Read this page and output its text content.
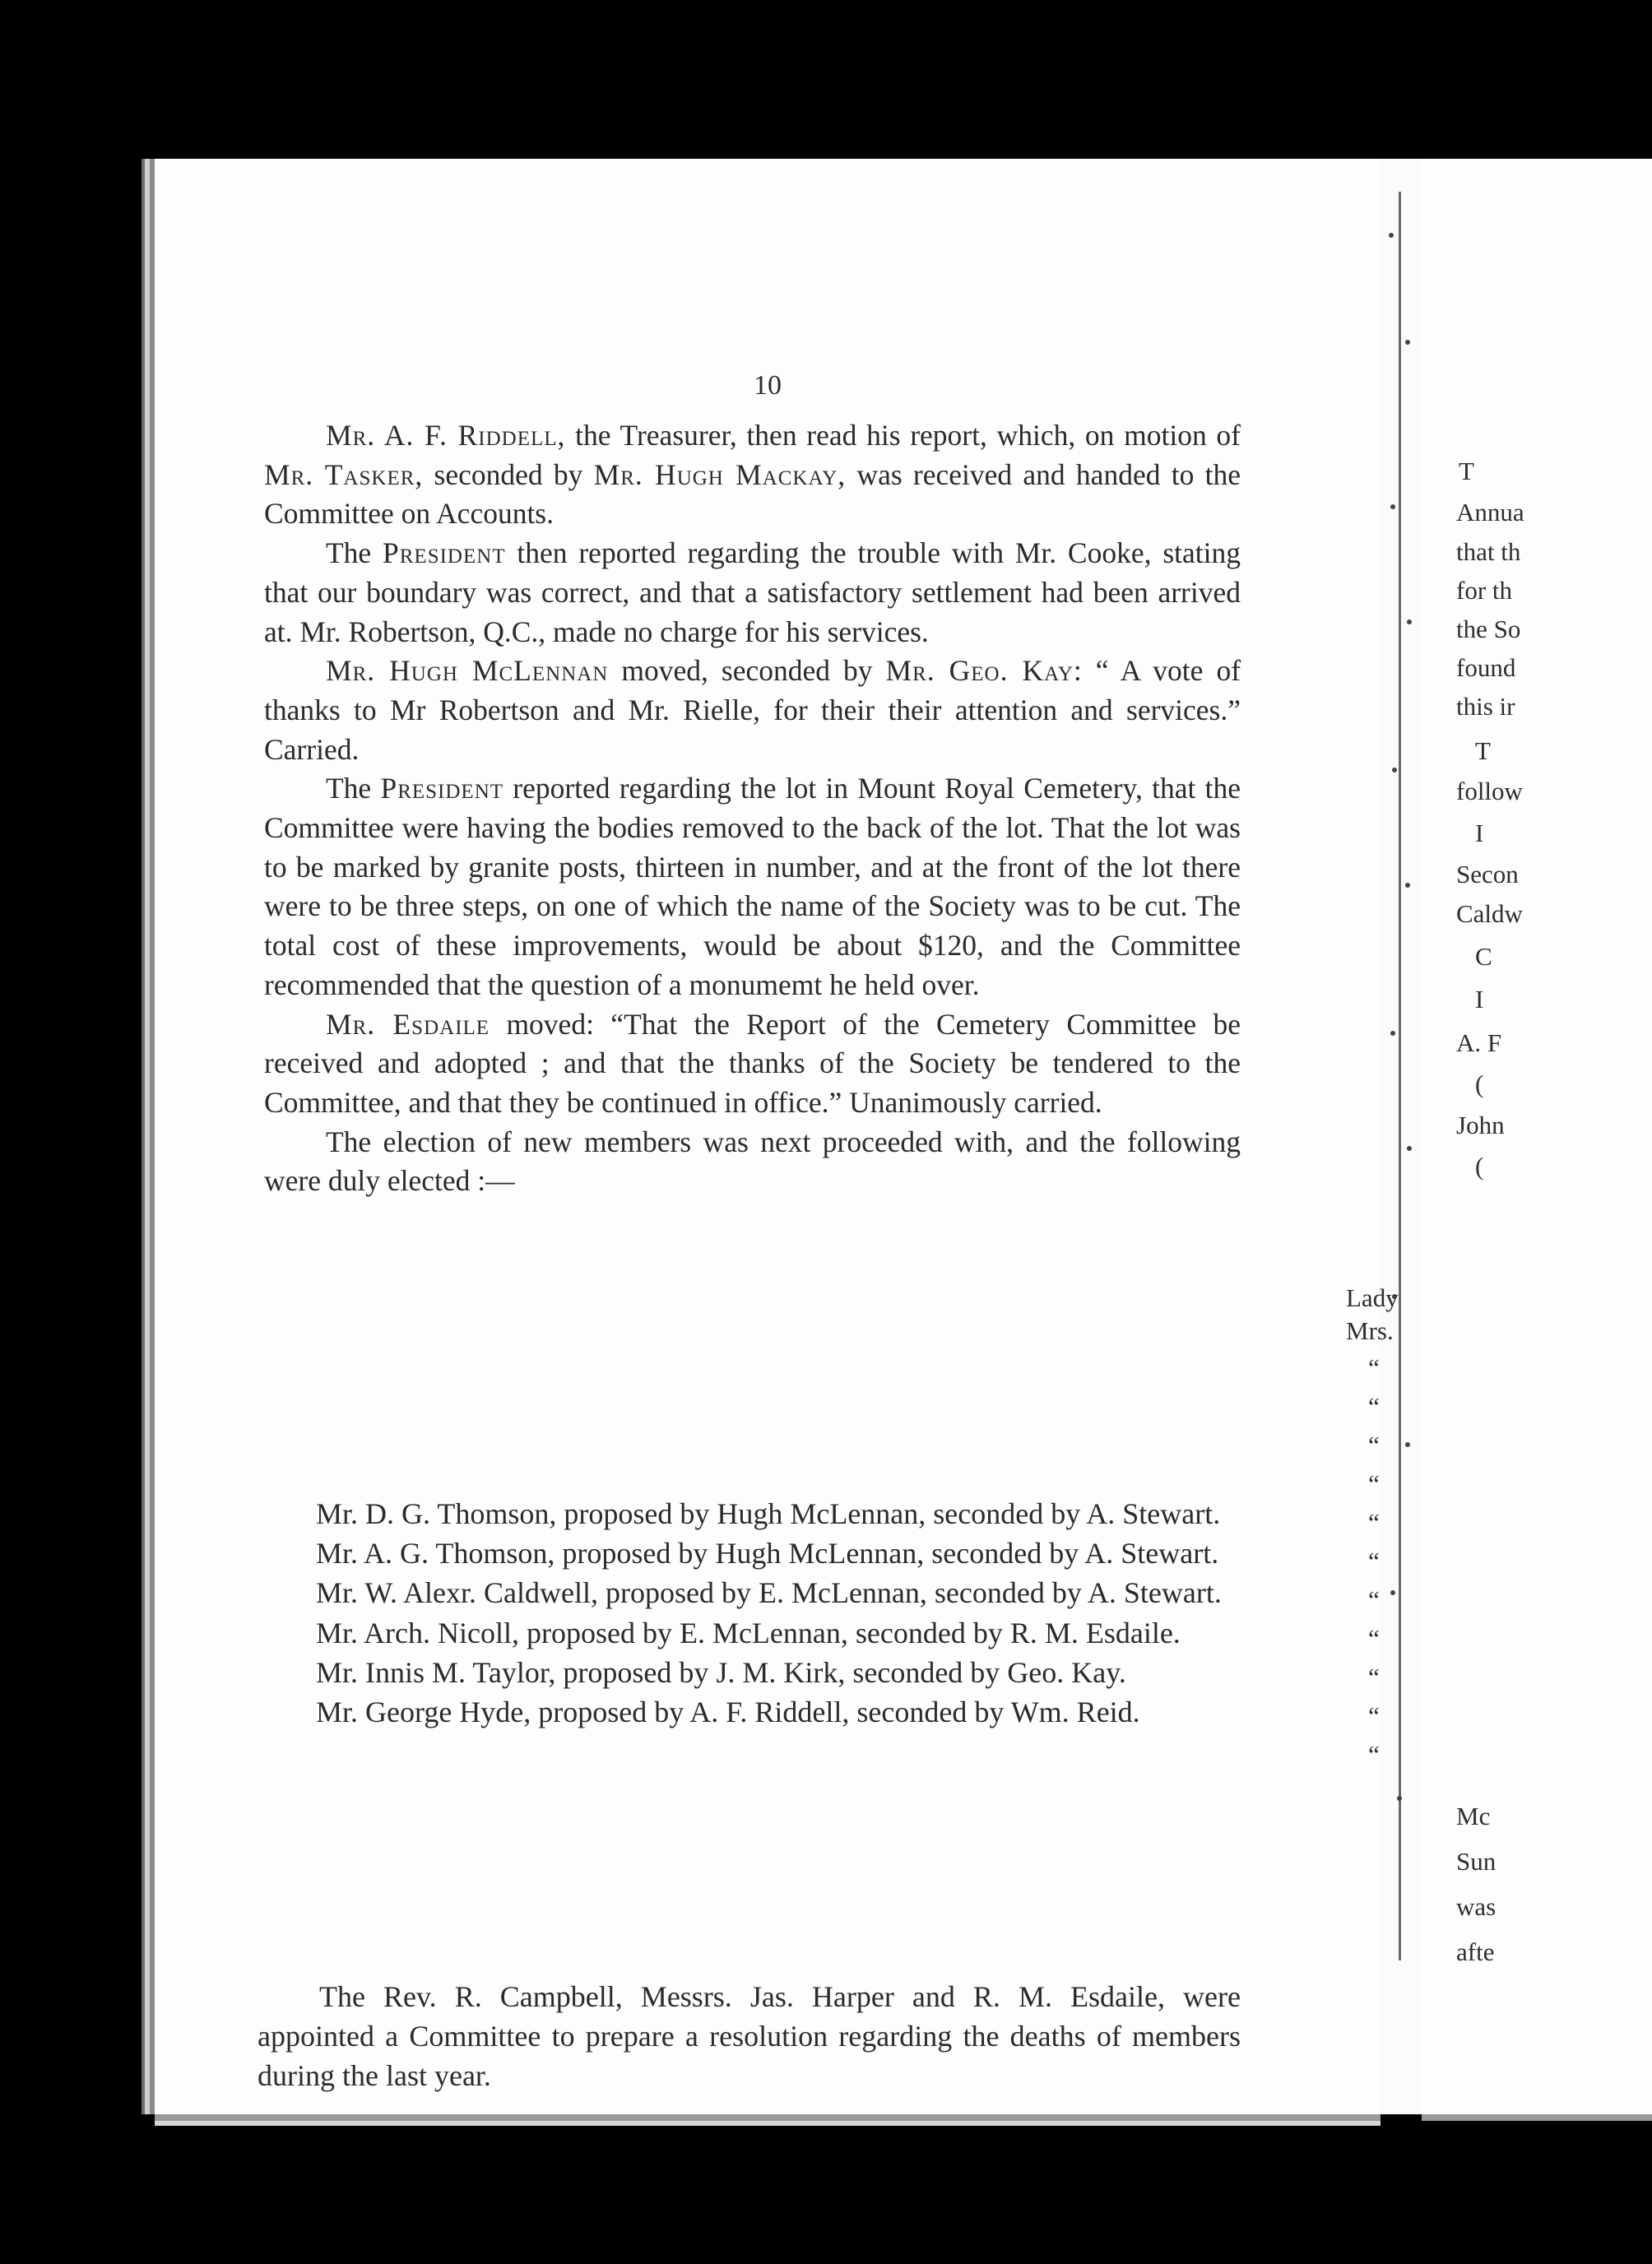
10

Mr. A. F. Riddell, the Treasurer, then read his report, which, on motion of Mr. Tasker, seconded by Mr. Hugh Mackay, was received and handed to the Committee on Accounts.

The President then reported regarding the trouble with Mr. Cooke, stating that our boundary was correct, and that a satisfactory settlement had been arrived at. Mr. Robertson, Q.C., made no charge for his services.

Mr. Hugh McLennan moved, seconded by Mr. Geo. Kay: “ A vote of thanks to Mr Robertson and Mr. Rielle, for their their attention and services.” Carried.

The President reported regarding the lot in Mount Royal Cemetery, that the Committee were having the bodies removed to the back of the lot. That the lot was to be marked by granite posts, thirteen in number, and at the front of the lot there were to be three steps, on one of which the name of the Society was to be cut. The total cost of these improvements, would be about $120, and the Committee recommended that the question of a monumemt he held over.

Mr. Esdaile moved: “That the Report of the Cemetery Committee be received and adopted ; and that the thanks of the Society be tendered to the Committee, and that they be continued in office.” Unanimously carried.

The election of new members was next proceeded with, and the following were duly elected :—

Mr. D. G. Thomson, proposed by Hugh McLennan, seconded by A. Stewart.

Mr. A. G. Thomson, proposed by Hugh McLennan, seconded by A. Stewart.

Mr. W. Alexr. Caldwell, proposed by E. McLennan, seconded by A. Stewart.

Mr. Arch. Nicoll, proposed by E. McLennan, seconded by R. M. Esdaile.

Mr. Innis M. Taylor, proposed by J. M. Kirk, seconded by Geo. Kay.

Mr. George Hyde, proposed by A. F. Riddell, seconded by Wm. Reid.

The Rev. R. Campbell, Messrs. Jas. Harper and R. M. Esdaile, were appointed a Committee to prepare a resolution regarding the deaths of members during the last year.

T
Annua
that th
for th
the So
found
this ir
T
follow
I
Secon
Caldw
C
I
A. F
(
John
(
Lady
Mrs.
“
“
“
“
“
“
“
“
“
“
“
Mc
Sun
was
afte
